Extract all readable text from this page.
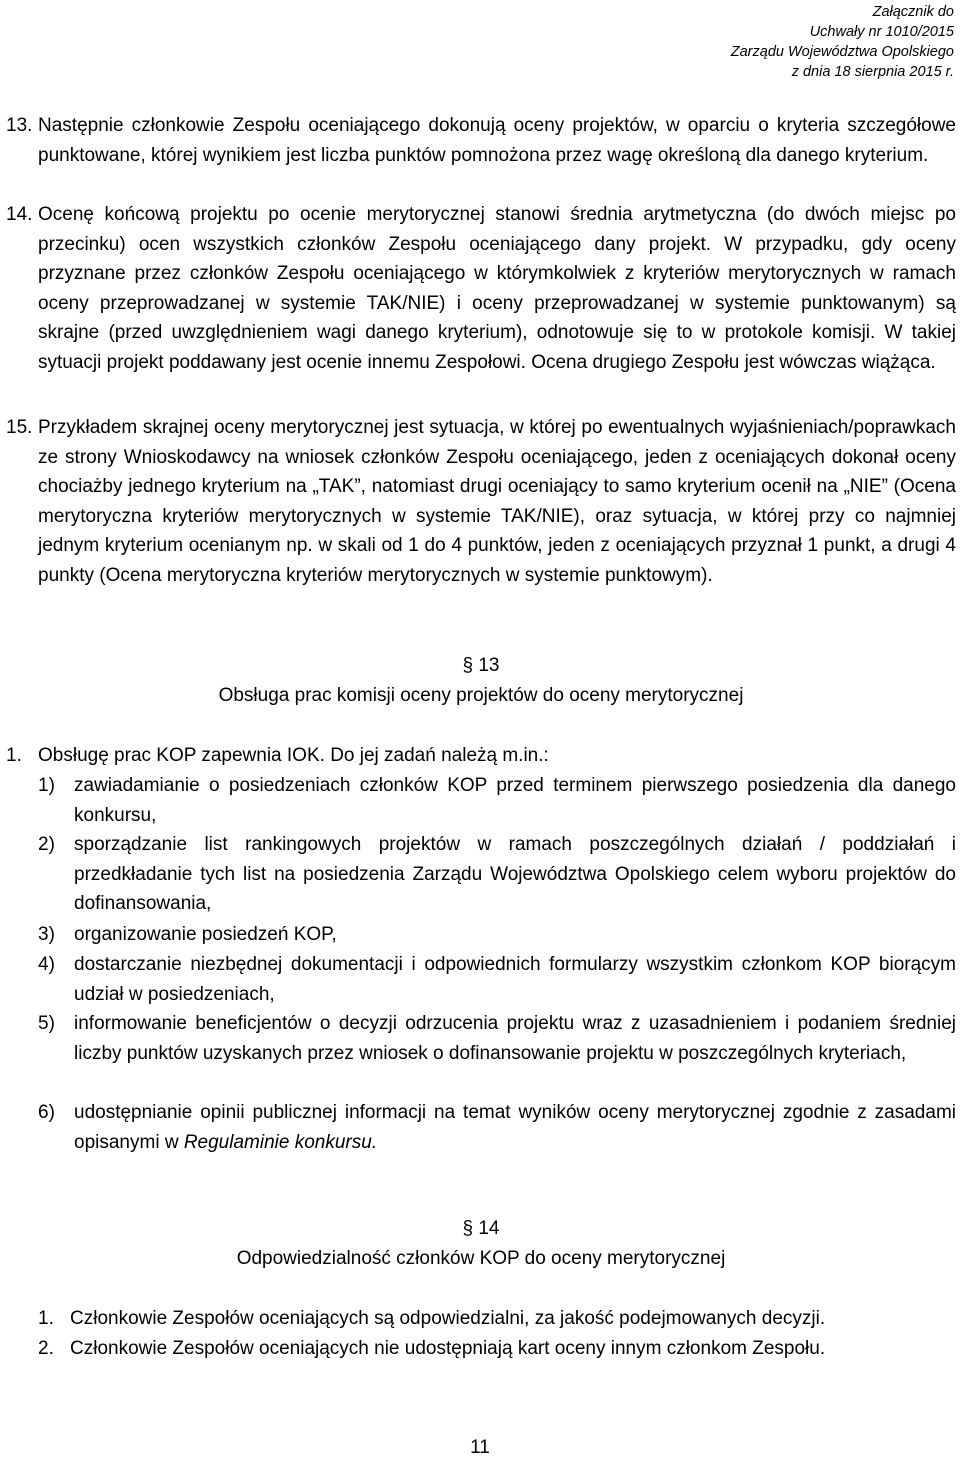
Załącznik do
Uchwały nr 1010/2015
Zarządu Województwa Opolskiego
z dnia 18 sierpnia 2015 r.
13. Następnie członkowie Zespołu oceniającego dokonują oceny projektów, w oparciu o kryteria szczegółowe punktowane, której wynikiem jest liczba punktów pomnożona przez wagę określoną dla danego kryterium.
14. Ocenę końcową projektu po ocenie merytorycznej stanowi średnia arytmetyczna (do dwóch miejsc po przecinku) ocen wszystkich członków Zespołu oceniającego dany projekt. W przypadku, gdy oceny przyznane przez członków Zespołu oceniającego w którymkolwiek z kryteriów merytorycznych w ramach oceny przeprowadzanej w systemie TAK/NIE) i oceny przeprowadzanej w systemie punktowanym) są skrajne (przed uwzględnieniem wagi danego kryterium), odnotowuje się to w protokole komisji. W takiej sytuacji projekt poddawany jest ocenie innemu Zespołowi. Ocena drugiego Zespołu jest wówczas wiążąca.
15. Przykładem skrajnej oceny merytorycznej jest sytuacja, w której po ewentualnych wyjaśnieniach/poprawkach ze strony Wnioskodawcy na wniosek członków Zespołu oceniającego, jeden z oceniających dokonał oceny chociażby jednego kryterium na „TAK”, natomiast drugi oceniający to samo kryterium ocenił na „NIE” (Ocena merytoryczna kryteriów merytorycznych w systemie TAK/NIE), oraz sytuacja, w której przy co najmniej jednym kryterium ocenianym np. w skali od 1 do 4 punktów, jeden z oceniających przyznał 1 punkt, a drugi 4 punkty (Ocena merytoryczna kryteriów merytorycznych w systemie punktowym).
§ 13
Obsługa prac komisji oceny projektów do oceny merytorycznej
1. Obsługę prac KOP zapewnia IOK. Do jej zadań należą m.in.:
1) zawiadamianie o posiedzeniach członków KOP przed terminem pierwszego posiedzenia dla danego konkursu,
2) sporządzanie list rankingowych projektów w ramach poszczególnych działań / poddziałań i przedkładanie tych list na posiedzenia Zarządu Województwa Opolskiego celem wyboru projektów do dofinansowania,
3) organizowanie posiedzeń KOP,
4) dostarczanie niezbędnej dokumentacji i odpowiednich formularzy wszystkim członkom KOP biorącym udział w posiedzeniach,
5) informowanie beneficjentów o decyzji odrzucenia projektu wraz z uzasadnieniem i podaniem średniej liczby punktów uzyskanych przez wniosek o dofinansowanie projektu w poszczególnych kryteriach,
6) udostępnianie opinii publicznej informacji na temat wyników oceny merytorycznej zgodnie z zasadami opisanymi w Regulaminie konkursu.
§ 14
Odpowiedzialność członków KOP do oceny merytorycznej
1. Członkowie Zespołów oceniających są odpowiedzialni, za jakość podejmowanych decyzji.
2. Członkowie Zespołów oceniających nie udostępniają kart oceny innym członkom Zespołu.
11
